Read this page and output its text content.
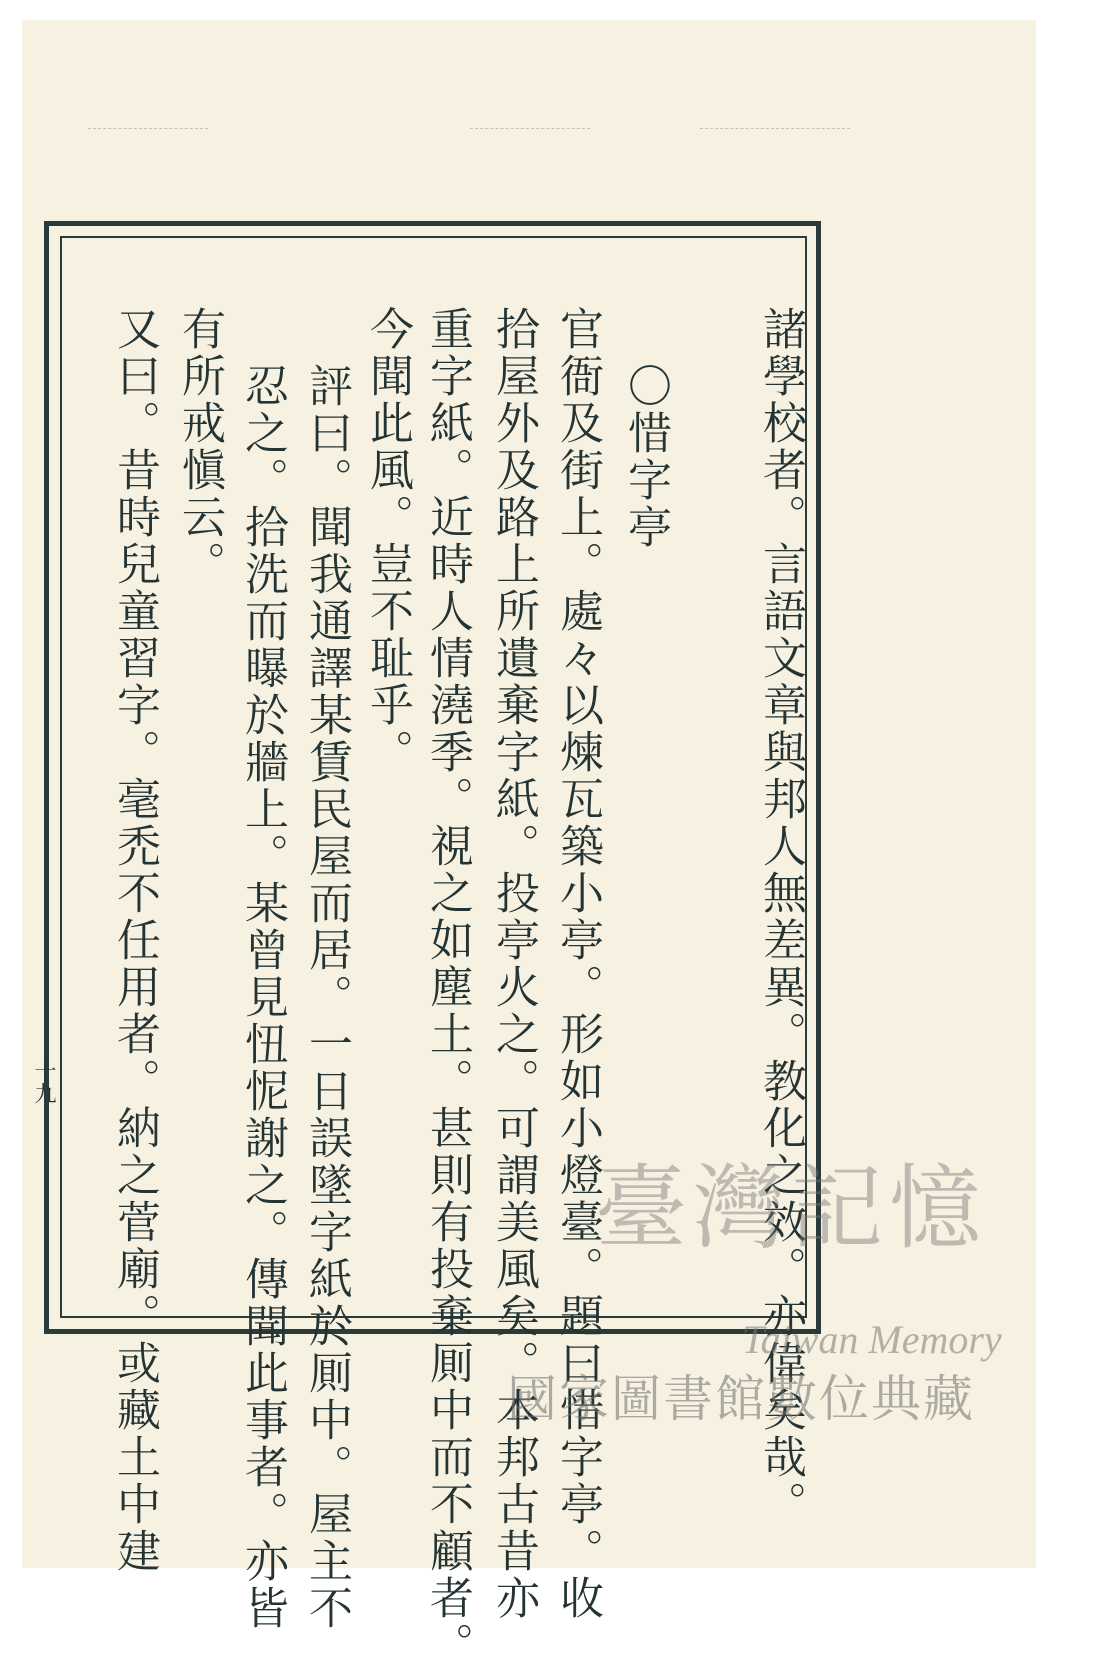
諸學校者。言語文章與邦人無差異。教化之效。亦偉矣哉。
〇惜字亭
官衙及街上。處々以煉瓦築小亭。形如小燈臺。題曰惜字亭。收
拾屋外及路上所遺棄字紙。投亭火之。可謂美風矣。本邦古昔亦
重字紙。近時人情澆季。視之如塵土。甚則有投棄厠中而不顧者。
今聞此風。豈不耻乎。
評曰。聞我通譯某賃民屋而居。一日誤墜字紙於厠中。屋主不
忍之。拾洗而曝於牆上。某曾見忸怩謝之。傳聞此事者。亦皆
有所戒愼云。
又曰。昔時兒童習字。毫禿不任用者。納之菅廟。或藏土中建
十九
臺灣記憶
Taiwan Memory
國家圖書館數位典藏
